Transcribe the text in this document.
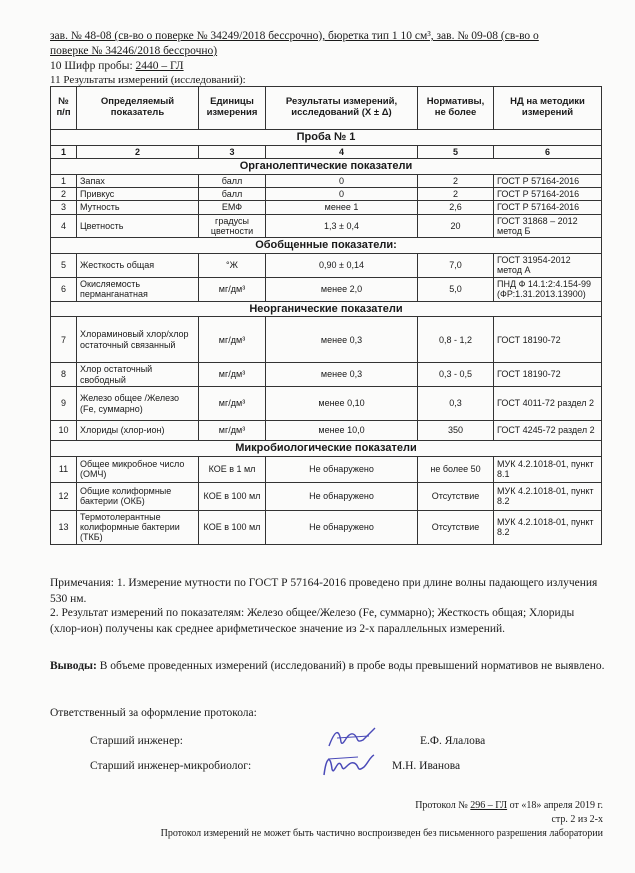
зав. № 48-08 (св-во о поверке № 34249/2018 бессрочно), бюретка тип 1 10 см³, зав. № 09-08 (св-во о
поверке № 34246/2018 бессрочно)
10 Шифр пробы: 2440 – ГЛ
11 Результаты измерений (исследований):
№ п/п	Определяемый показатель	Единицы измерения	Результаты измерений, исследований (X ± Δ)	Нормативы, не более	НД на методики измерений
Проба № 1					
1	2	3	4	5	6
Органолептические показатели					
1	Запах	балл	0	2	ГОСТ Р 57164-2016
2	Привкус	балл	0	2	ГОСТ Р 57164-2016
3	Мутность	ЕМФ	менее 1	2,6	ГОСТ Р 57164-2016
4	Цветность	градусы цветности	1,3 ± 0,4	20	ГОСТ 31868 – 2012 метод Б
Обобщенные показатели:					
5	Жесткость общая	°Ж	0,90 ± 0,14	7,0	ГОСТ 31954-2012 метод А
6	Окисляемость перманганатная	мг/дм³	менее 2,0	5,0	ПНД Ф 14.1:2:4.154-99 (ФР:1.31.2013.13900)
Неорганические показатели					
7	Хлораминовый хлор/хлор остаточный связанный	мг/дм³	менее 0,3	0,8 - 1,2	ГОСТ 18190-72
8	Хлор остаточный свободный	мг/дм³	менее 0,3	0,3 - 0,5	ГОСТ 18190-72
9	Железо общее /Железо (Fe, суммарно)	мг/дм³	менее 0,10	0,3	ГОСТ 4011-72 раздел 2
10	Хлориды (хлор-ион)	мг/дм³	менее 10,0	350	ГОСТ 4245-72 раздел 2
Микробиологические показатели					
11	Общее микробное число (ОМЧ)	КОЕ в 1 мл	Не обнаружено	не более 50	МУК 4.2.1018-01, пункт 8.1
12	Общие колиформные бактерии (ОКБ)	КОЕ в 100 мл	Не обнаружено	Отсутствие	МУК 4.2.1018-01, пункт 8.2
13	Термотолерантные колиформные бактерии (ТКБ)	КОЕ в 100 мл	Не обнаружено	Отсутствие	МУК 4.2.1018-01, пункт 8.2
Примечания: 1. Измерение мутности по ГОСТ Р 57164-2016 проведено при длине волны падающего излучения 530 нм.
2. Результат измерений по показателям: Железо общее/Железо (Fe, суммарно); Жесткость общая; Хлориды (хлор-ион) получены как среднее арифметическое значение из 2-х параллельных измерений.
Выводы: В объеме проведенных измерений (исследований) в пробе воды превышений нормативов не выявлено.
Ответственный за оформление протокола:
Старший инженер:	Е.Ф. Ялалова
Старший инженер-микробиолог:	М.Н. Иванова
Протокол № 296 – ГЛ от «18» апреля 2019 г.
стр. 2 из 2-х
Протокол измерений не может быть частично воспроизведен без письменного разрешения лаборатории
